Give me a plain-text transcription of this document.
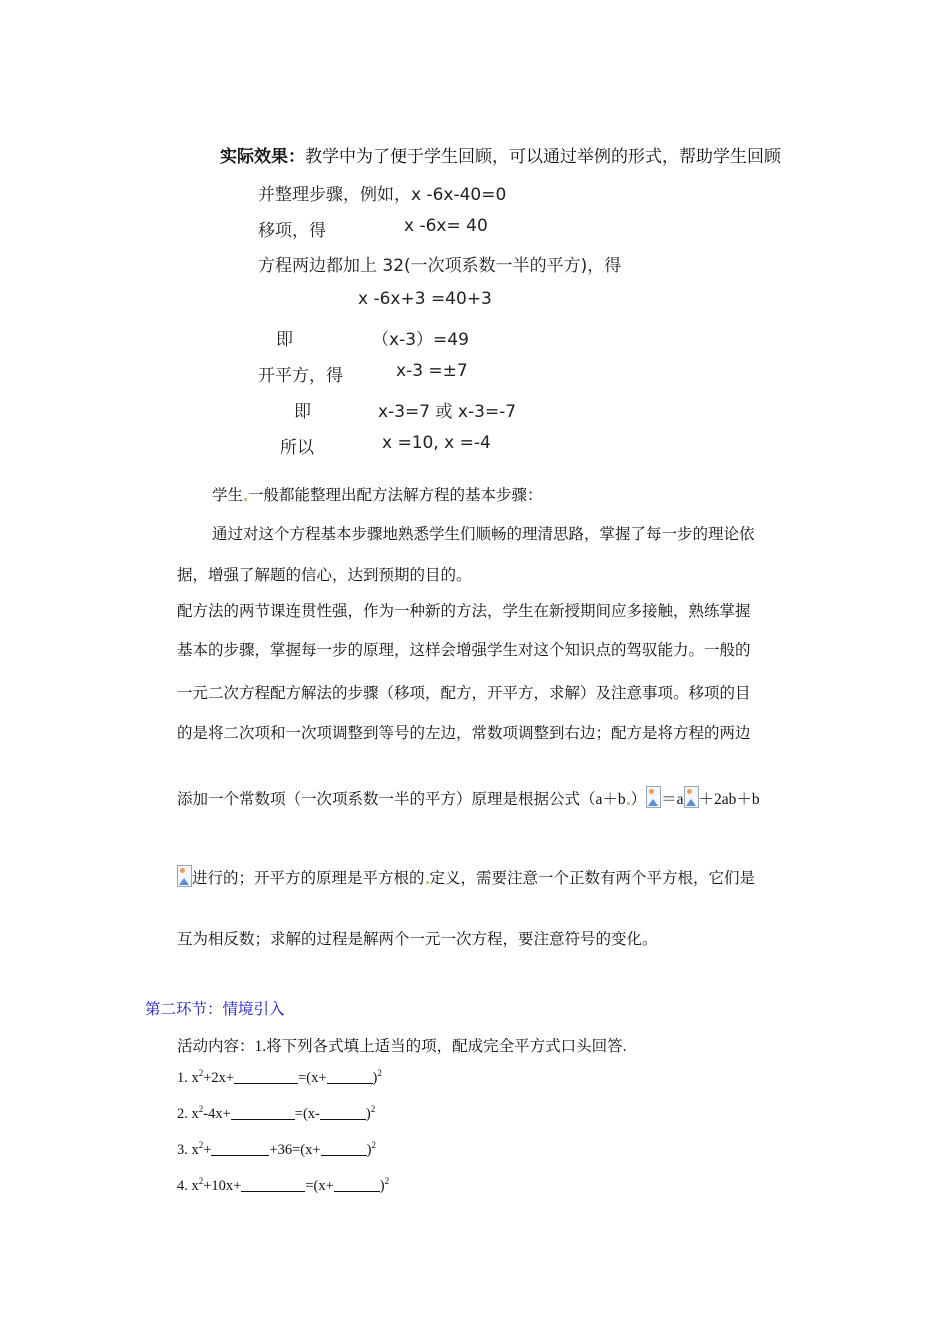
实际效果：教学中为了便于学生回顾，可以通过举例的形式，帮助学生回顾
并整理步骤，例如，x -6x-40=0
移项，得	x -6x= 40
方程两边都加上 32(一次项系数一半的平方)，得
x -6x+3 =40+3
即	（x-3）=49
开平方，得	x-3 =±7
即	x-3=7 或 x-3=-7
所以	x =10, x =-4
学生 一般都能整理出配方法解方程的基本步骤：
通过对这个方程基本步骤地熟悉学生们顺畅的理清思路，掌握了每一步的理论依
据，增强了解题的信心，达到预期的目的。
配方法的两节课连贯性强，作为一种新的方法，学生在新授期间应多接触，熟练掌握
基本的步骤，掌握每一步的原理，这样会增强学生对这个知识点的驾驭能力。一般的
一元二次方程配方解法的步骤（移项，配方，开平方，求解）及注意事项。移项的目
的是将二次项和一次项调整到等号的左边，常数项调整到右边；配方是将方程的两边
添加一个常数项（一次项系数一半的平方）原理是根据公式（a＋b ） ＝a ＋2ab＋b
进行的；开平方的原理是平方根的 定义，需要注意一个正数有两个平方根，它们是
互为相反数；求解的过程是解两个一元一次方程，要注意符号的变化。
第二环节：情境引入
活动内容：1.将下列各式填上适当的项，配成完全平方式口头回答.
1. $x^2+2x+$	=(x+	)$^2$
2. $x^2-4x+$	=(x-	)$^2$
3. $x^2+$	+36=(x+	)$^2$
4. $x^2+10x+$	=(x+	)$^2$
